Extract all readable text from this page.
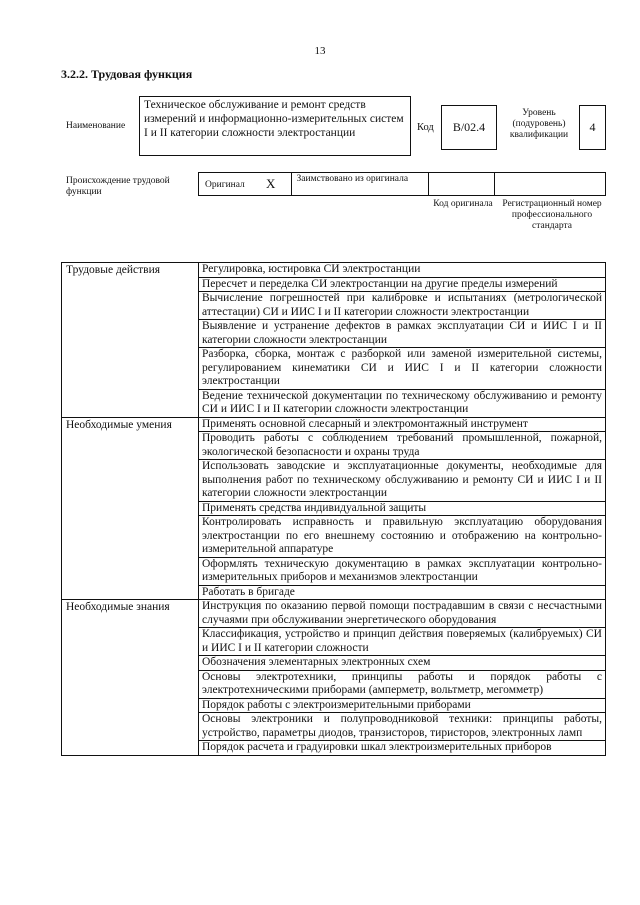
13
3.2.2. Трудовая функция
Наименование
Техническое обслуживание и ремонт средств измерений и информационно-измерительных систем I и II категории сложности электростанции	Код	B/02.4
Уровень (подуровень) квалификации
4
Происхождение трудовой функции
Оригинал X Заимствовано из оригинала
Код оригинала Регистрационный номер профессионального стандарта
Трудовые действия	Регулировка, юстировка СИ электростанции
	Пересчет и переделка СИ электростанции на другие пределы измерений
	Вычисление погрешностей при калибровке и испытаниях (метрологической аттестации) СИ и ИИС I и II категории сложности электростанции
	Выявление и устранение дефектов в рамках эксплуатации СИ и ИИС I и II категории сложности электростанции
	Разборка, сборка, монтаж с разборкой или заменой измерительной системы, регулированием кинематики СИ и ИИС I и II категории сложности электростанции
	Ведение технической документации по техническому обслуживанию и ремонту СИ и ИИС I и II категории сложности электростанции
Необходимые умения	Применять основной слесарный и электромонтажный инструмент
	Проводить работы с соблюдением требований промышленной, пожарной, экологической безопасности и охраны труда
	Использовать заводские и эксплуатационные документы, необходимые для выполнения работ по техническому обслуживанию и ремонту СИ и ИИС I и II категории сложности электростанции
	Применять средства индивидуальной защиты
	Контролировать исправность и правильную эксплуатацию оборудования электростанции по его внешнему состоянию и отображению на контрольно-измерительной аппаратуре
	Оформлять техническую документацию в рамках эксплуатации контрольно-измерительных приборов и механизмов электростанции
	Работать в бригаде
Необходимые знания	Инструкция по оказанию первой помощи пострадавшим в связи с несчастными случаями при обслуживании энергетического оборудования
	Классификация, устройство и принцип действия поверяемых (калибруемых) СИ и ИИС I и II категории сложности
	Обозначения элементарных электронных схем
	Основы электротехники, принципы работы и порядок работы с электротехническими приборами (амперметр, вольтметр, мегомметр)
	Порядок работы с электроизмерительными приборами
	Основы электроники и полупроводниковой техники: принципы работы, устройство, параметры диодов, транзисторов, тиристоров, электронных ламп
	Порядок расчета и градуировки шкал электроизмерительных приборов
